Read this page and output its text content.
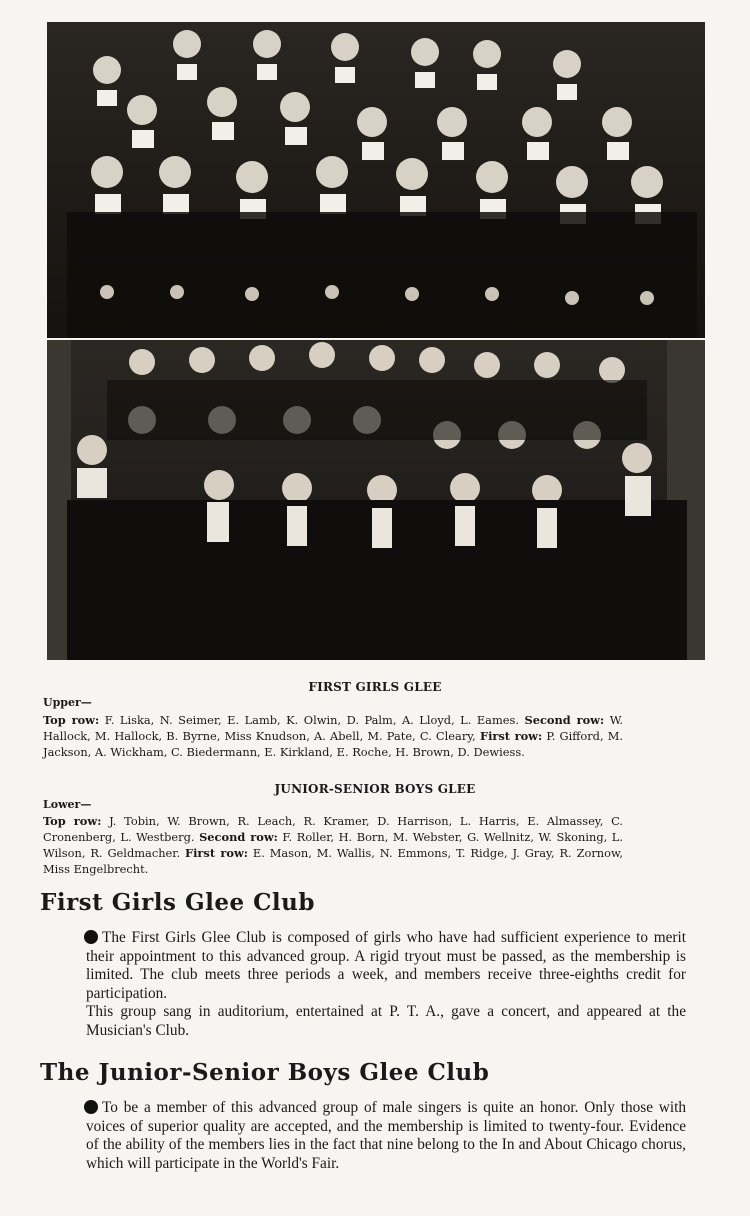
FIRST GIRLS GLEE
Upper—
Top row: F. Liska, N. Seimer, E. Lamb, K. Olwin, D. Palm, A. Lloyd, L. Eames. Second row: W. Hallock, M. Hallock, B. Byrne, Miss Knudson, A. Abell, M. Pate, C. Cleary, First row: P. Gifford, M. Jackson, A. Wickham, C. Biedermann, E. Kirkland, E. Roche, H. Brown, D. Dewiess.
JUNIOR-SENIOR BOYS GLEE
Lower—
Top row: J. Tobin, W. Brown, R. Leach, R. Kramer, D. Harrison, L. Harris, E. Almassey, C. Cronenberg, L. Westberg. Second row: F. Roller, H. Born, M. Webster, G. Wellnitz, W. Skoning, L. Wilson, R. Geldmacher. First row: E. Mason, M. Wallis, N. Emmons, T. Ridge, J. Gray, R. Zornow, Miss Engelbrecht.
First Girls Glee Club

The First Girls Glee Club is composed of girls who have had sufficient experience to merit their appointment to this advanced group. A rigid tryout must be passed, as the membership is limited. The club meets three periods a week, and members receive three-eighths credit for participation.

This group sang in auditorium, entertained at P. T. A., gave a concert, and appeared at the Musician's Club.

The Junior-Senior Boys Glee Club

To be a member of this advanced group of male singers is quite an honor. Only those with voices of superior quality are accepted, and the membership is limited to twenty-four. Evidence of the ability of the members lies in the fact that nine belong to the In and About Chicago chorus, which will participate in the World's Fair.
